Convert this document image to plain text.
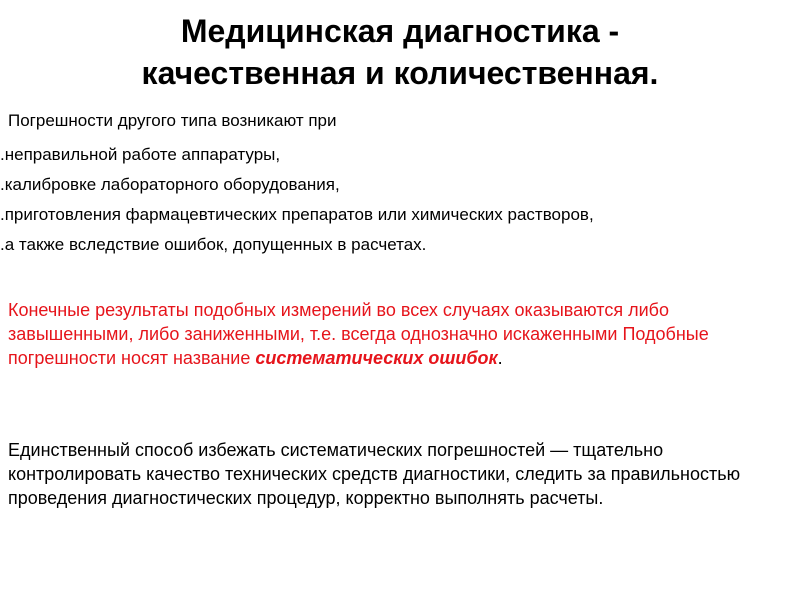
Медицинская диагностика -
качественная и количественная.

Погрешности другого типа возникают при

.неправильной работе аппаратуры,
.калибровке лабораторного оборудования,
.приготовления фармацевтических препаратов или химических растворов,
.а также вследствие ошибок, допущенных в расчетах.

Конечные результаты подобных измерений во всех случаях оказываются либо завышенными, либо заниженными, т.е. всегда однозначно искаженными Подобные погрешности носят название систематических ошибок.

Единственный способ избежать систематических погрешностей — тщательно контролировать качество технических средств диагностики, следить за правильностью проведения диагностических процедур, корректно выполнять расчеты.
